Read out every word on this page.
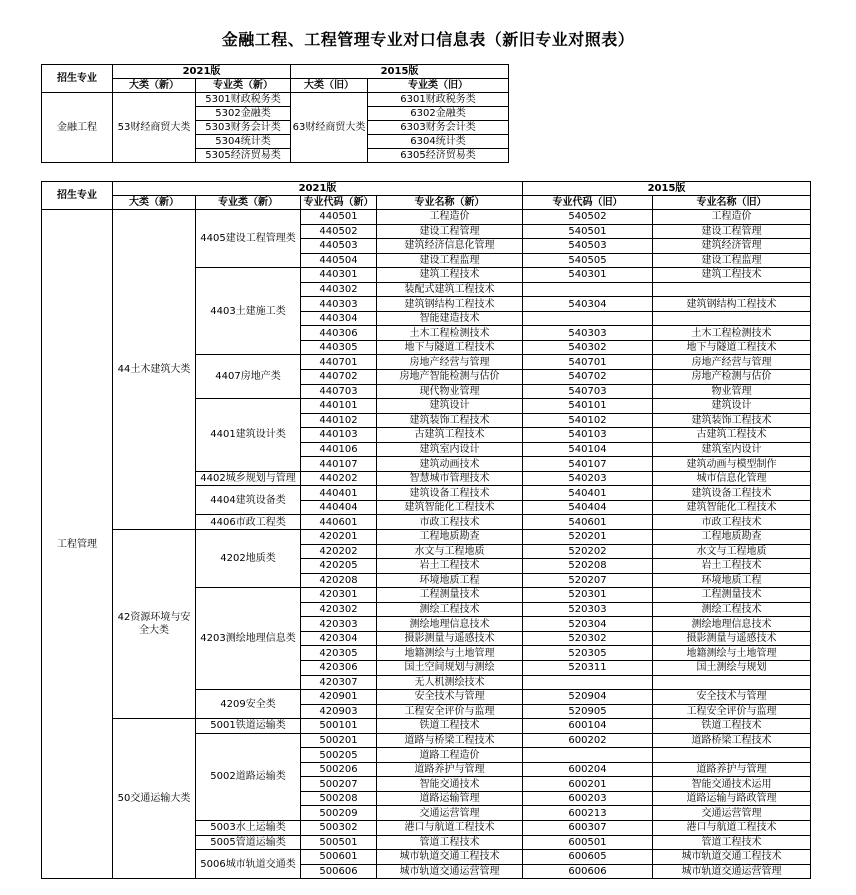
金融工程、工程管理专业对口信息表（新旧专业对照表）
招生专业	2021版		2015版	
	大类（新）	专业类（新）	大类（旧）	专业类（旧）
金融工程	53财经商贸大类	5301财政税务类	63财经商贸大类	6301财政税务类
		5302金融类		6302金融类
		5303财务会计类		6303财务会计类
		5304统计类		6304统计类
		5305经济贸易类		6305经济贸易类
招生专业	2021版				2015版	
	大类（新）	专业类（新）	专业代码（新）	专业名称（新）	专业代码（旧）	专业名称（旧）
工程管理	44土木建筑大类	4405建设工程管理类	440501	工程造价	540502	工程造价
			440502	建设工程管理	540501	建设工程管理
			440503	建筑经济信息化管理	540503	建筑经济管理
			440504	建设工程监理	540505	建设工程监理
		4403土建施工类	440301	建筑工程技术	540301	建筑工程技术
			440302	装配式建筑工程技术		
			440303	建筑钢结构工程技术	540304	建筑钢结构工程技术
			440304	智能建造技术		
			440306	土木工程检测技术	540303	土木工程检测技术
			440305	地下与隧道工程技术	540302	地下与隧道工程技术
		4407房地产类	440701	房地产经营与管理	540701	房地产经营与管理
			440702	房地产智能检测与估价	540702	房地产检测与估价
			440703	现代物业管理	540703	物业管理
		4401建筑设计类	440101	建筑设计	540101	建筑设计
			440102	建筑装饰工程技术	540102	建筑装饰工程技术
			440103	古建筑工程技术	540103	古建筑工程技术
			440106	建筑室内设计	540104	建筑室内设计
			440107	建筑动画技术	540107	建筑动画与模型制作
		4402城乡规划与管理	440202	智慧城市管理技术	540203	城市信息化管理
		4404建筑设备类	440401	建筑设备工程技术	540401	建筑设备工程技术
			440404	建筑智能化工程技术	540404	建筑智能化工程技术
		4406市政工程类	440601	市政工程技术	540601	市政工程技术
	42资源环境与安全大类	4202地质类	420201	工程地质勘查	520201	工程地质勘查
			420202	水文与工程地质	520202	水文与工程地质
			420205	岩土工程技术	520208	岩土工程技术
			420208	环境地质工程	520207	环境地质工程
		4203测绘地理信息类	420301	工程测量技术	520301	工程测量技术
			420302	测绘工程技术	520303	测绘工程技术
			420303	测绘地理信息技术	520304	测绘地理信息技术
			420304	摄影测量与遥感技术	520302	摄影测量与遥感技术
			420305	地籍测绘与土地管理	520305	地籍测绘与土地管理
			420306	国土空间规划与测绘	520311	国土测绘与规划
			420307	无人机测绘技术		
		4209安全类	420901	安全技术与管理	520904	安全技术与管理
			420903	工程安全评价与监理	520905	工程安全评价与监理
	50交通运输大类	5001铁道运输类	500101	铁道工程技术	600104	铁道工程技术
		5002道路运输类	500201	道路与桥梁工程技术	600202	道路桥梁工程技术
			500205	道路工程造价		
			500206	道路养护与管理	600204	道路养护与管理
			500207	智能交通技术	600201	智能交通技术运用
			500208	道路运输管理	600203	道路运输与路政管理
			500209	交通运营管理	600213	交通运营管理
		5003水上运输类	500302	港口与航道工程技术	600307	港口与航道工程技术
		5005管道运输类	500501	管道工程技术	600501	管道工程技术
		5006城市轨道交通类	500601	城市轨道交通工程技术	600605	城市轨道交通工程技术
			500606	城市轨道交通运营管理	600606	城市轨道交通运营管理
